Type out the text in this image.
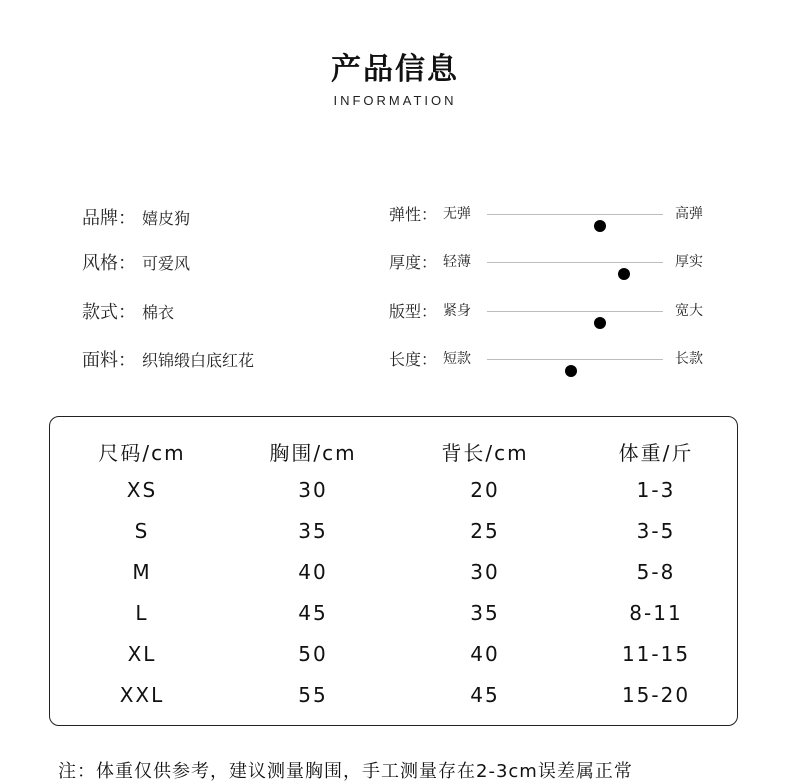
产品信息
INFORMATION
品牌： 嬉皮狗
风格： 可爱风
款式： 棉衣
面料： 织锦缎白底红花
弹性： 无弹	高弹
厚度： 轻薄	厚实
版型： 紧身	宽大
长度： 短款	长款
尺码/cm	胸围/cm	背长/cm	体重/斤
XS	30	20	1-3
S	35	25	3-5
M	40	30	5-8
L	45	35	8-11
XL	50	40	11-15
XXL	55	45	15-20
注：体重仅供参考，建议测量胸围，手工测量存在2-3cm误差属正常
